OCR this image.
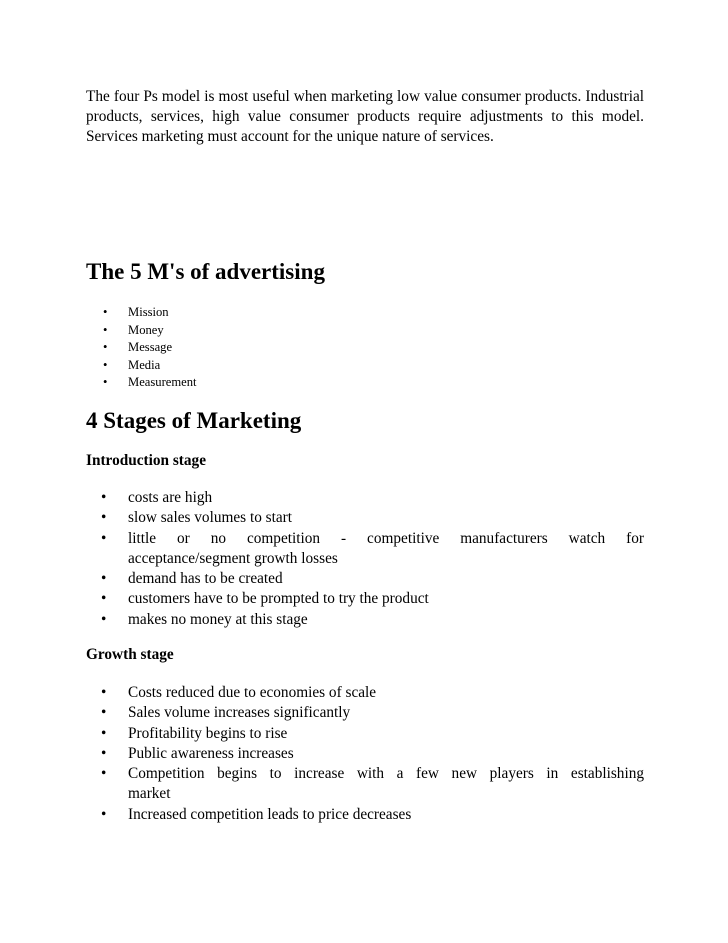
The four Ps model is most useful when marketing low value consumer products. Industrial products, services, high value consumer products require adjustments to this model. Services marketing must account for the unique nature of services.

The 5 M's of advertising
• Mission
• Money
• Message
• Media
• Measurement
4 Stages of Marketing
Introduction stage
• costs are high
• slow sales volumes to start
• little or no competition - competitive manufacturers watch for
acceptance/segment growth losses
• demand has to be created
• customers have to be prompted to try the product
• makes no money at this stage
Growth stage
• Costs reduced due to economies of scale
• Sales volume increases significantly
• Profitability begins to rise
• Public awareness increases
• Competition begins to increase with a few new players in establishing
market
• Increased competition leads to price decreases
